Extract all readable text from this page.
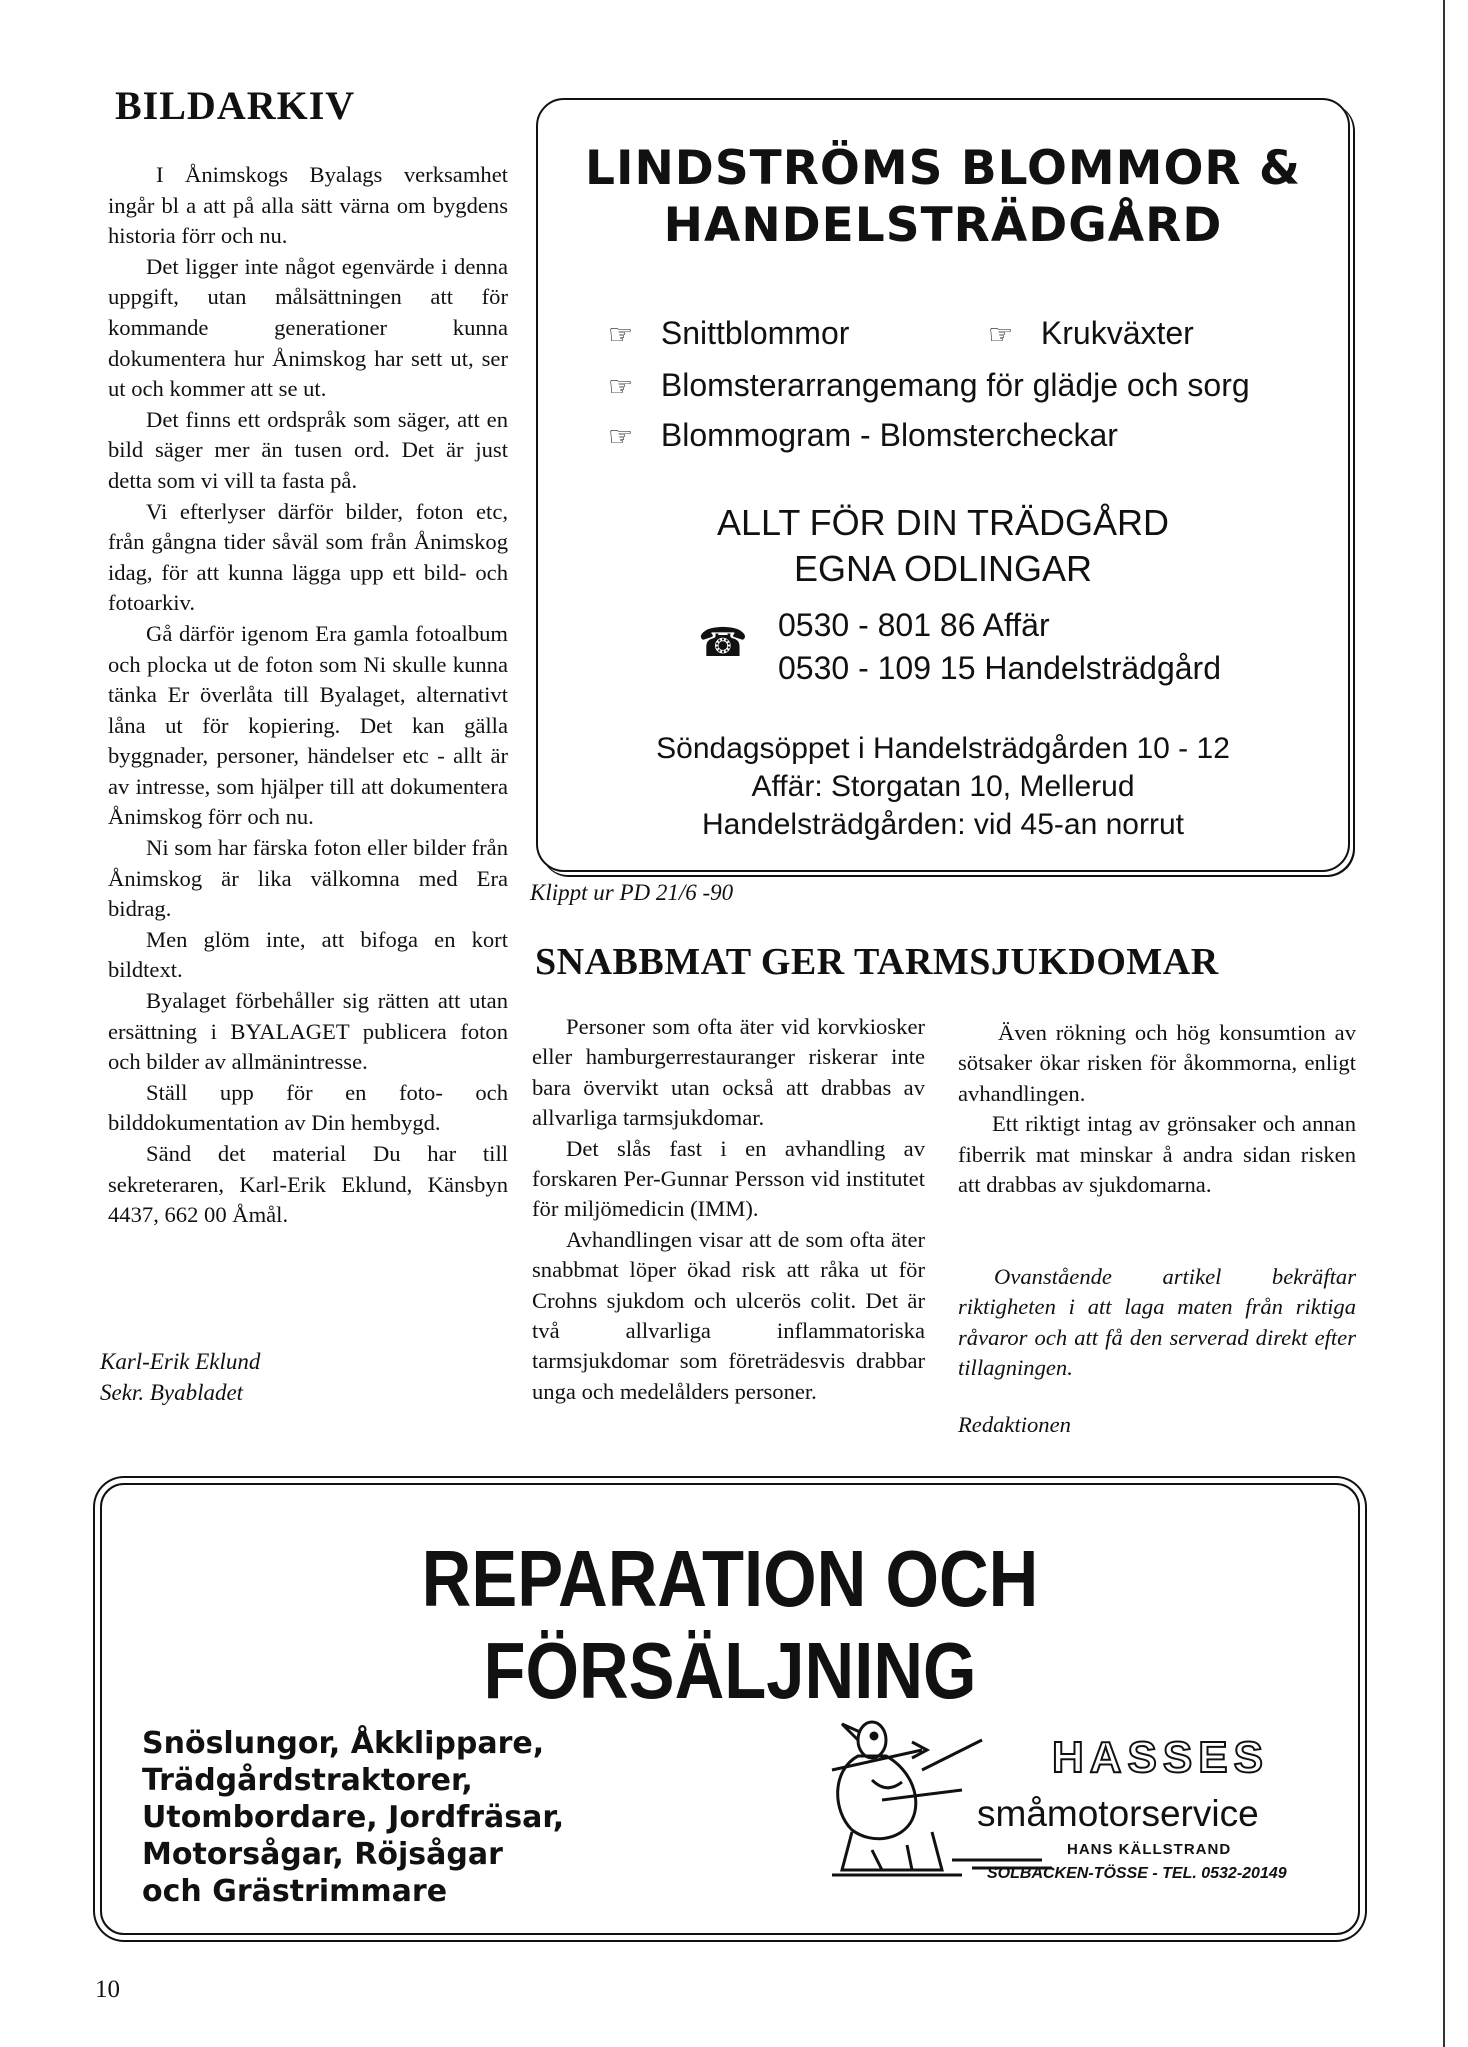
BILDARKIV

I Ånimskogs Byalags verksamhet ingår bl a att på alla sätt värna om bygdens historia förr och nu.

Det ligger inte något egenvärde i denna uppgift, utan målsättningen att för kommande generationer kunna dokumentera hur Ånimskog har sett ut, ser ut och kommer att se ut.

Det finns ett ordspråk som säger, att en bild säger mer än tusen ord. Det är just detta som vi vill ta fasta på.

Vi efterlyser därför bilder, foton etc, från gångna tider såväl som från Ånimskog idag, för att kunna lägga upp ett bild- och fotoarkiv.

Gå därför igenom Era gamla fotoalbum och plocka ut de foton som Ni skulle kunna tänka Er överlåta till Byalaget, alternativt låna ut för kopiering. Det kan gälla byggnader, personer, händelser etc - allt är av intresse, som hjälper till att dokumentera Ånimskog förr och nu.

Ni som har färska foton eller bilder från Ånimskog är lika välkomna med Era bidrag.

Men glöm inte, att bifoga en kort bildtext.

Byalaget förbehåller sig rätten att utan ersättning i BYALAGET publicera foton och bilder av allmänintresse.

Ställ upp för en foto- och bilddokumentation av Din hembygd.

Sänd det material Du har till sekreteraren, Karl-Erik Eklund, Känsbyn 4437, 662 00 Åmål.

Karl-Erik Eklund
Sekr. Byabladet
LINDSTRÖMS BLOMMOR &
HANDELSTRÄDGÅRD
☞ Snittblommor	☞ Krukväxter
☞ Blomsterarrangemang för glädje och sorg
☞ Blommogram - Blomstercheckar
ALLT FÖR DIN TRÄDGÅRD
EGNA ODLINGAR
☎ 0530 - 801 86 Affär
0530 - 109 15 Handelsträdgård
Söndagsöppet i Handelsträdgården 10 - 12
Affär: Storgatan 10, Mellerud
Handelsträdgården: vid 45-an norrut
Klippt ur PD 21/6 -90
SNABBMAT GER TARMSJUKDOMAR

Personer som ofta äter vid korvkiosker eller hamburgerrestauranger riskerar inte bara övervikt utan också att drabbas av allvarliga tarmsjukdomar.

Det slås fast i en avhandling av forskaren Per-Gunnar Persson vid institutet för miljömedicin (IMM).

Avhandlingen visar att de som ofta äter snabbmat löper ökad risk att råka ut för Crohns sjukdom och ulcerös colit. Det är två allvarliga inflammatoriska tarmsjukdomar som företrädesvis drabbar unga och medelålders personer.

Även rökning och hög konsumtion av sötsaker ökar risken för åkommorna, enligt avhandlingen.

Ett riktigt intag av grönsaker och annan fiberrik mat minskar å andra sidan risken att drabbas av sjukdomarna.

Ovanstående artikel bekräftar riktigheten i att laga maten från riktiga råvaror och att få den serverad direkt efter tillagningen.

Redaktionen
REPARATION OCH FÖRSÄLJNING
Snöslungor, Åkklippare,
Trädgårdstraktorer,
Utombordare, Jordfräsar,
Motorsågar, Röjsågar
och Grästrimmare
HASSES
småmotorservice
HANS KÄLLSTRAND
SOLBACKEN-TÖSSE - TEL. 0532-20149
10
